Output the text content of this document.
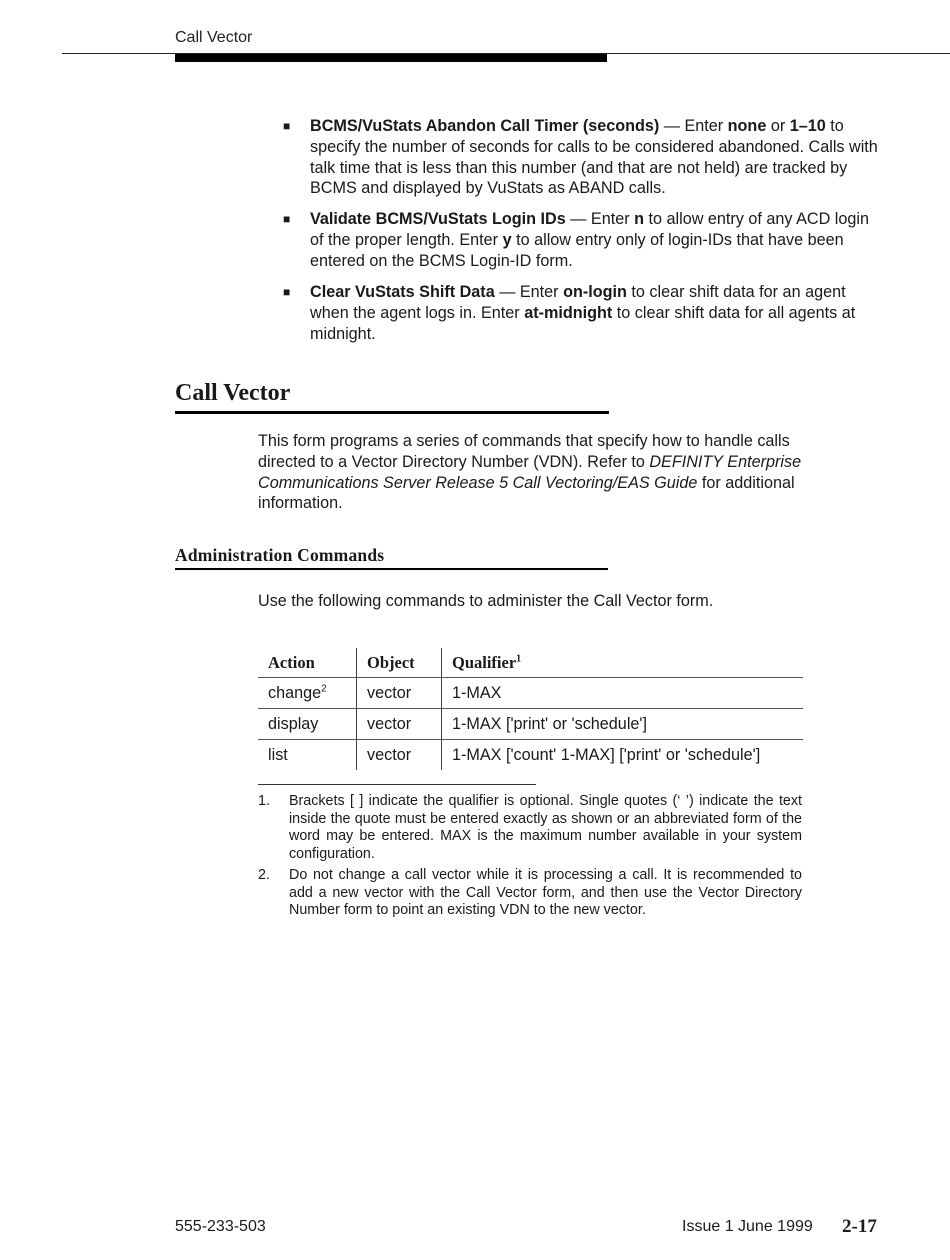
Call Vector
■ BCMS/VuStats Abandon Call Timer (seconds) — Enter none or 1–10 to specify the number of seconds for calls to be considered abandoned. Calls with talk time that is less than this number (and that are not held) are tracked by BCMS and displayed by VuStats as ABAND calls.
■ Validate BCMS/VuStats Login IDs — Enter n to allow entry of any ACD login of the proper length. Enter y to allow entry only of login-IDs that have been entered on the BCMS Login-ID form.
■ Clear VuStats Shift Data — Enter on-login to clear shift data for an agent when the agent logs in. Enter at-midnight to clear shift data for all agents at midnight.
Call Vector
This form programs a series of commands that specify how to handle calls directed to a Vector Directory Number (VDN). Refer to DEFINITY Enterprise Communications Server Release 5 Call Vectoring/EAS Guide for additional information.
Administration Commands
Use the following commands to administer the Call Vector form.
Action	Object	Qualifier$^1$
change$^2$	vector	1-MAX
display	vector	1-MAX ['print' or 'schedule']
list	vector	1-MAX ['count' 1-MAX] ['print' or 'schedule']
1. Brackets [ ] indicate the qualifier is optional. Single quotes (‘ ’) indicate the text inside the quote must be entered exactly as shown or an abbreviated form of the word may be entered. MAX is the maximum number available in your system configuration.
2. Do not change a call vector while it is processing a call. It is recommended to add a new vector with the Call Vector form, and then use the Vector Directory Number form to point an existing VDN to the new vector.
555-233-503	Issue 1 June 1999 2-17
